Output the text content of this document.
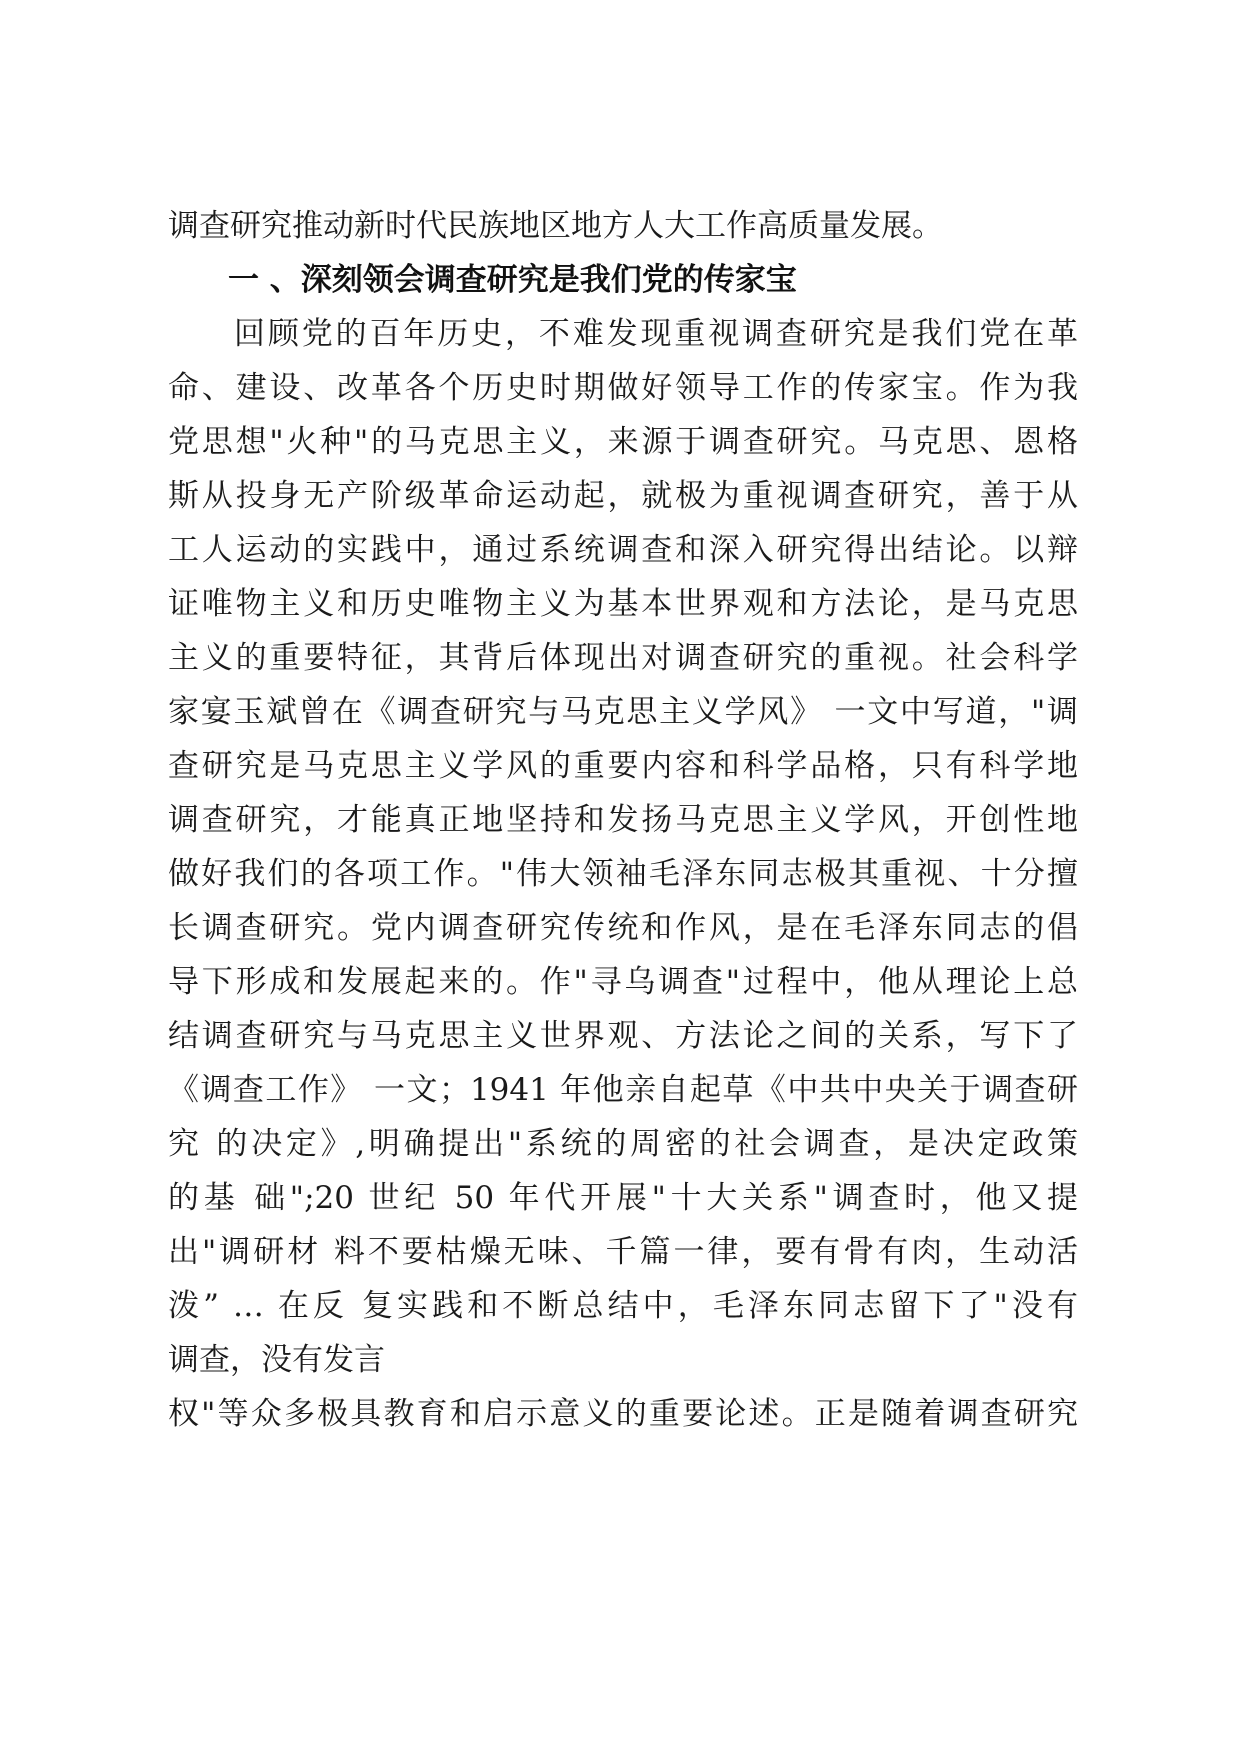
调查研究推动新时代民族地区地方人大工作高质量发展。
一 、深刻领会调查研究是我们党的传家宝
回顾党的百年历史，不难发现重视调查研究是我们党在革
命、建设、改革各个历史时期做好领导工作的传家宝。作为我
党思想"火种"的马克思主义，来源于调查研究。马克思、恩格
斯从投身无产阶级革命运动起，就极为重视调查研究，善于从
工人运动的实践中，通过系统调查和深入研究得出结论。以辩
证唯物主义和历史唯物主义为基本世界观和方法论，是马克思
主义的重要特征，其背后体现出对调查研究的重视。社会科学
家宴玉斌曾在《调查研究与马克思主义学风》 一文中写道，"调
查研究是马克思主义学风的重要内容和科学品格，只有科学地
调查研究，才能真正地坚持和发扬马克思主义学风，开创性地
做好我们的各项工作。"伟大领袖毛泽东同志极其重视、十分擅
长调查研究。党内调查研究传统和作风，是在毛泽东同志的倡
导下形成和发展起来的。作"寻乌调查"过程中，他从理论上总
结调查研究与马克思主义世界观、方法论之间的关系，写下了
《调查工作》 一文；1941 年他亲自起草《中共中央关于调查研
究 的决定》,明确提出"系统的周密的社会调查，是决定政策
的基 础";20 世纪 50 年代开展"十大关系"调查时，他又提
出"调研材 料不要枯燥无味、千篇一律，要有骨有肉，生动活
泼” … 在反 复实践和不断总结中，毛泽东同志留下了"没有
调查，没有发言
权"等众多极具教育和启示意义的重要论述。正是随着调查研究
